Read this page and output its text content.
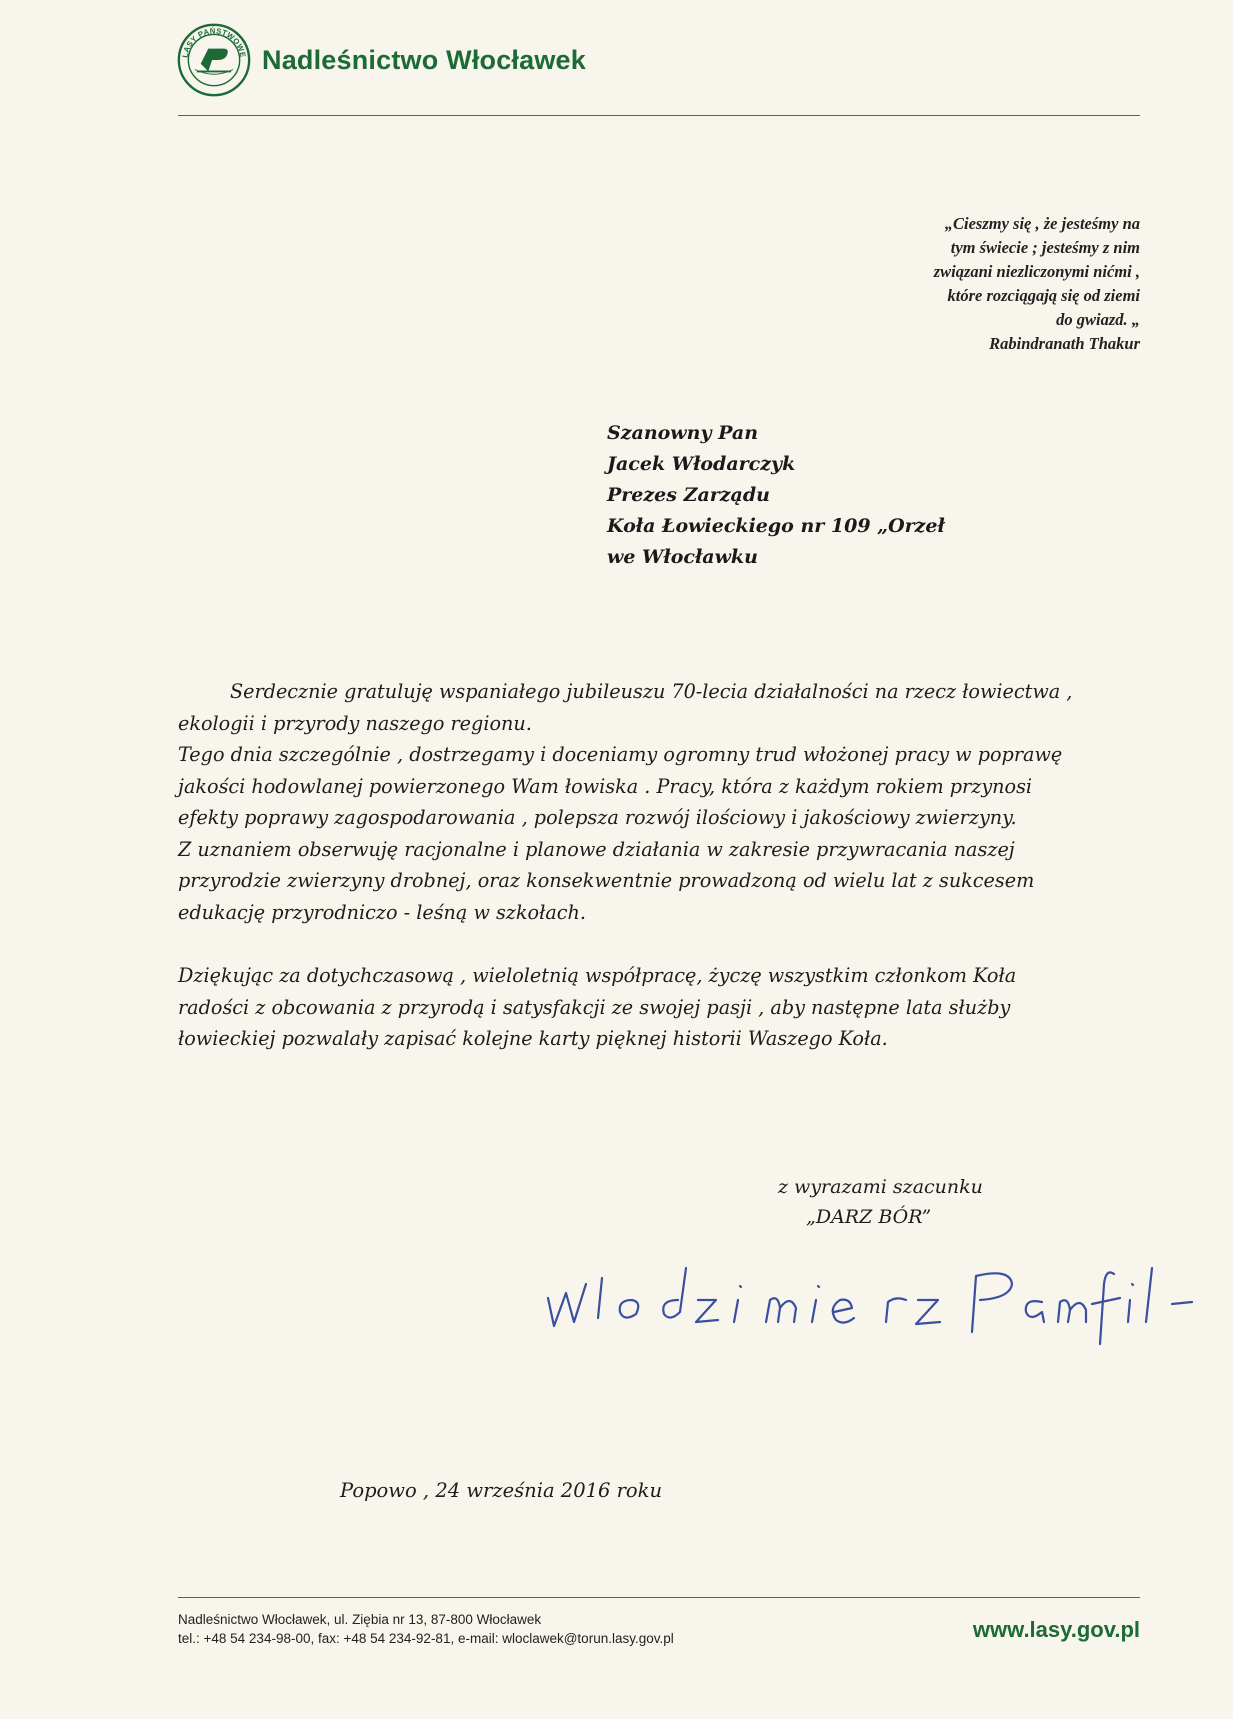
LASY PAŃSTWOWE Nadleśnictwo Włocławek
„Cieszmy się , że jesteśmy na
tym świecie ; jesteśmy z nim
związani niezliczonymi nićmi ,
które rozciągają się od ziemi
do gwiazd. „
Rabindranath Thakur
Szanowny Pan
Jacek Włodarczyk
Prezes Zarządu
Koła Łowieckiego nr 109 „Orzeł
we Włocławku
Serdecznie gratuluję wspaniałego jubileuszu 70-lecia działalności na rzecz łowiectwa ,
ekologii i przyrody naszego regionu.
Tego dnia szczególnie , dostrzegamy i doceniamy ogromny trud włożonej pracy w poprawę
jakości hodowlanej powierzonego Wam łowiska . Pracy, która z każdym rokiem przynosi
efekty poprawy zagospodarowania , polepsza rozwój ilościowy i jakościowy zwierzyny.
Z uznaniem obserwuję racjonalne i planowe działania w zakresie przywracania naszej
przyrodzie zwierzyny drobnej, oraz konsekwentnie prowadzoną od wielu lat z sukcesem
edukację przyrodniczo - leśną w szkołach.
Dziękując za dotychczasową , wieloletnią współpracę, życzę wszystkim członkom Koła
radości z obcowania z przyrodą i satysfakcji ze swojej pasji , aby następne lata służby
łowieckiej pozwalały zapisać kolejne karty pięknej historii Waszego Koła.
z wyrazami szacunku
„DARZ BÓR”
Popowo , 24 września 2016 roku
Nadleśnictwo Włocławek, ul. Ziębia nr 13, 87-800 Włocławek
tel.: +48 54 234-98-00, fax: +48 54 234-92-81, e-mail: wloclawek@torun.lasy.gov.pl	www.lasy.gov.pl
